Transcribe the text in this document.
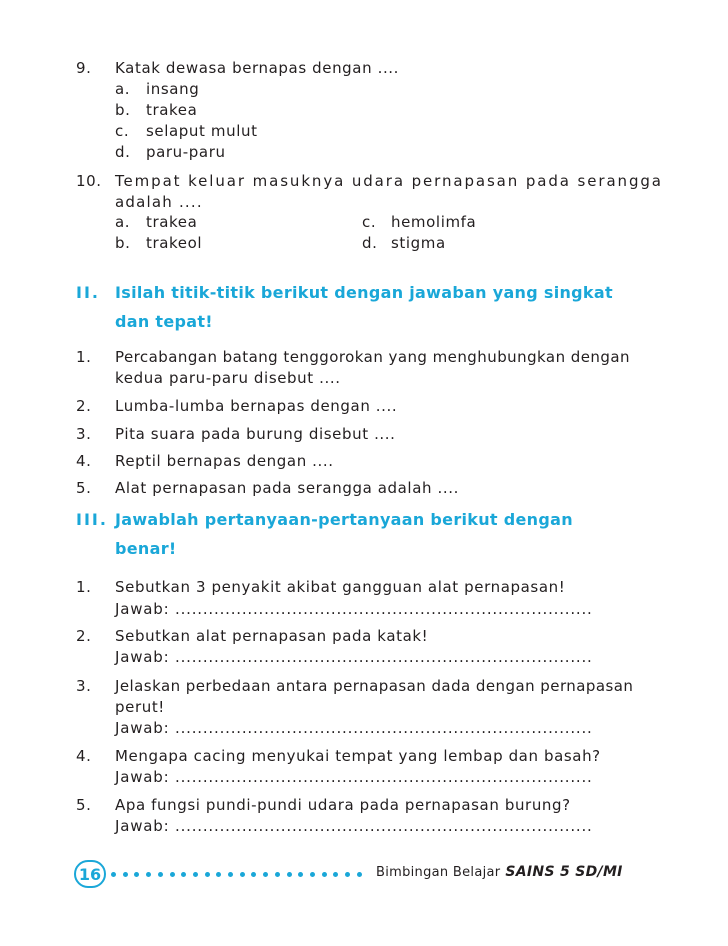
9. Katak dewasa bernapas dengan ....
a. insang
b. trakea
c. selaput mulut
d. paru-paru
10. Tempat keluar masuknya udara pernapasan pada serangga
adalah ....
a. trakea
b. trakeol
c. hemolimfa
d. stigma
II. Isilah titik-titik berikut dengan jawaban yang singkat
dan tepat!
1. Percabangan batang tenggorokan yang menghubungkan dengan
kedua paru-paru disebut ....
2. Lumba-lumba bernapas dengan ....
3. Pita suara pada burung disebut ....
4. Reptil bernapas dengan ....
5. Alat pernapasan pada serangga adalah ....
III. Jawablah pertanyaan-pertanyaan berikut dengan
benar!
1. Sebutkan 3 penyakit akibat gangguan alat pernapasan!
Jawab: ...........................................................................
2. Sebutkan alat pernapasan pada katak!
Jawab: ...........................................................................
3. Jelaskan perbedaan antara pernapasan dada dengan pernapasan
perut!
Jawab: ...........................................................................
4. Mengapa cacing menyukai tempat yang lembap dan basah?
Jawab: ...........................................................................
5. Apa fungsi pundi-pundi udara pada pernapasan burung?
Jawab: ...........................................................................
16	Bimbingan Belajar SAINS 5 SD/MI
